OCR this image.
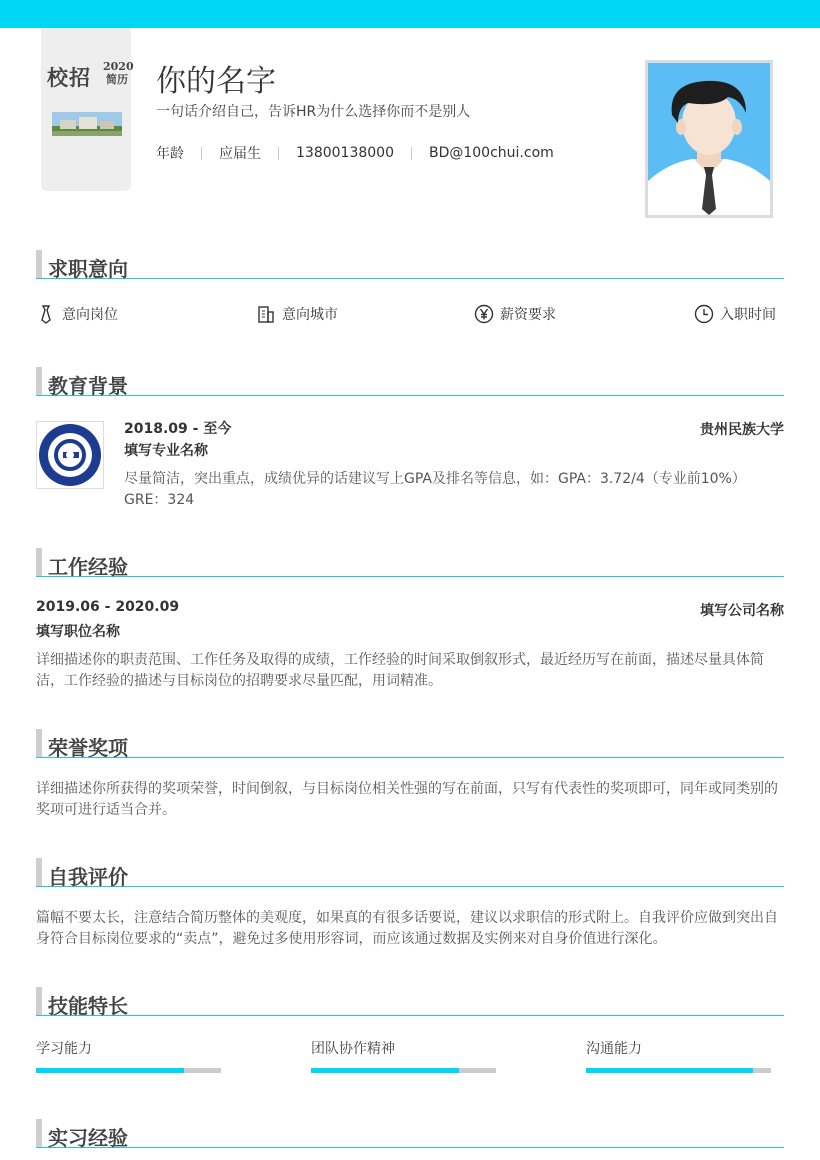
校招 2020
简历 你的名字
一句话介绍自己，告诉HR为什么选择你而不是别人
年龄	应届生	13800138000	BD@100chui.com
求职意向
意向岗位	意向城市	薪资要求	入职时间
教育背景
2018.09 - 至今	贵州民族大学
填写专业名称
尽量简洁，突出重点，成绩优异的话建议写上GPA及排名等信息，如：GPA：3.72/4（专业前10%） GRE：324
工作经验
2019.06 - 2020.09	填写公司名称
填写职位名称
详细描述你的职责范围、工作任务及取得的成绩，工作经验的时间采取倒叙形式，最近经历写在前面，描述尽量具体简洁，工作经验的描述与目标岗位的招聘要求尽量匹配，用词精准。
荣誉奖项
详细描述你所获得的奖项荣誉，时间倒叙，与目标岗位相关性强的写在前面，只写有代表性的奖项即可，同年或同类别的奖项可进行适当合并。
自我评价
篇幅不要太长，注意结合简历整体的美观度，如果真的有很多话要说，建议以求职信的形式附上。自我评价应做到突出自身符合目标岗位要求的“卖点”，避免过多使用形容词，而应该通过数据及实例来对自身价值进行深化。
技能特长
学习能力	团队协作精神	沟通能力
实习经验
